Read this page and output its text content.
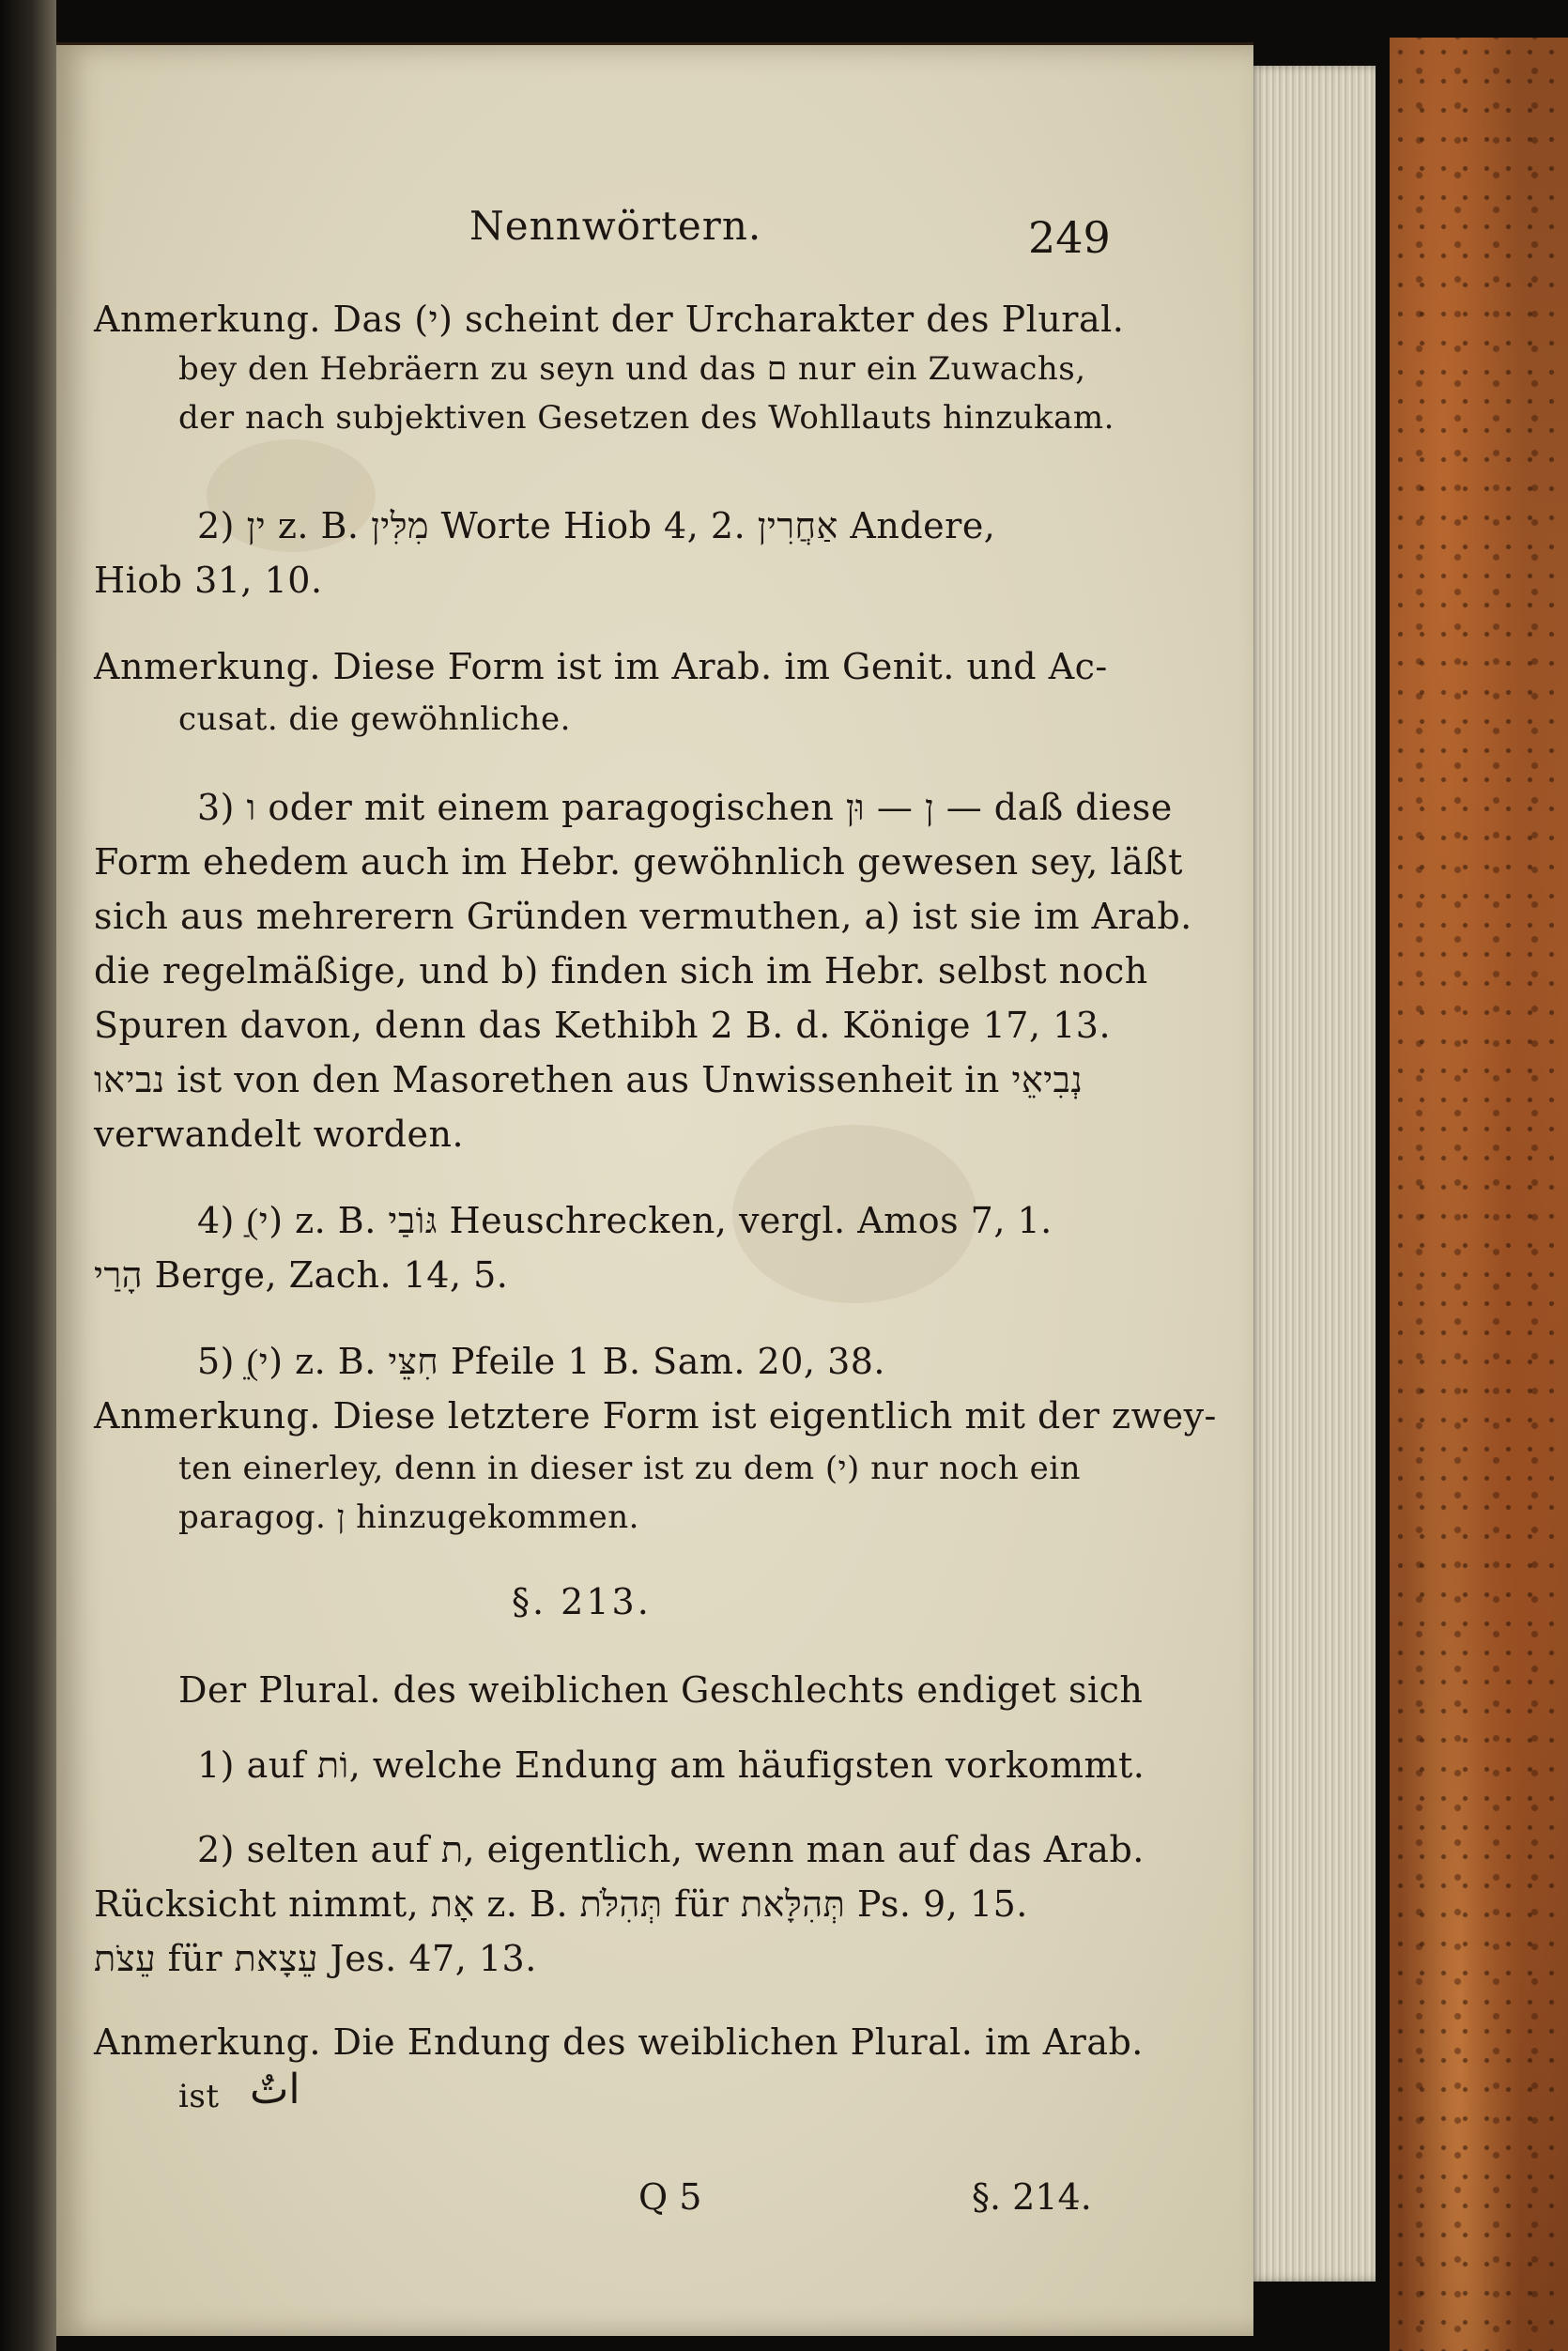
Nennwörtern.	249
Anmerkung. Das (י) scheint der Urcharakter des Plural.
bey den Hebräern zu seyn und das ם nur ein Zuwachs,
der nach subjektiven Gesetzen des Wohllauts hinzukam.
2) ין z. B. מִלִּין Worte Hiob 4, 2. אַחֲרִין Andere,
Hiob 31, 10.
Anmerkung. Diese Form ist im Arab. im Genit. und Ac-
cusat. die gewöhnliche.
3) ו oder mit einem paragogischen ן — וּן — daß diese
Form ehedem auch im Hebr. gewöhnlich gewesen sey, läßt
sich aus mehrerern Gründen vermuthen, a) ist sie im Arab.
die regelmäßige, und b) finden sich im Hebr. selbst noch
Spuren davon, denn das Kethibh 2 B. d. Könige 17, 13.
נביאו ist von den Masorethen aus Unwissenheit in נְבִיאֵי
verwandelt worden.
4) (ַי) z. B. גּוֹבַי Heuschrecken, vergl. Amos 7, 1.
הָרַי Berge, Zach. 14, 5.
5) (ֵי) z. B. חִצֵּי Pfeile 1 B. Sam. 20, 38.
Anmerkung. Diese letztere Form ist eigentlich mit der zwey-
ten einerley, denn in dieser ist zu dem (י) nur noch ein
paragog. ן hinzugekommen.
§. 213.
Der Plural. des weiblichen Geschlechts endiget sich
1) auf וֹת, welche Endung am häufigsten vorkommt.
2) selten auf ת, eigentlich, wenn man auf das Arab.
Rücksicht nimmt, אָת z. B. תְּהִלֹּת für תְּהִלָּאת Ps. 9, 15.
עֵצֹת für עֵצָאת Jes. 47, 13.
Anmerkung. Die Endung des weiblichen Plural. im Arab.
ist اتٌ
Q 5	§. 214.
